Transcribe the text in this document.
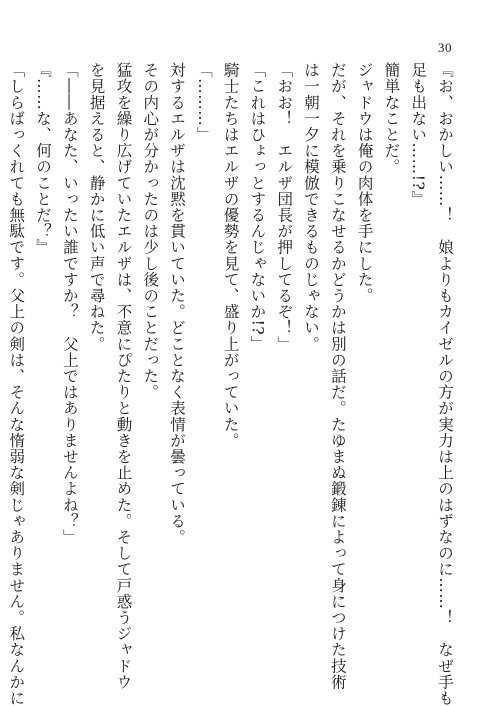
30
『お、おかしい……！　娘よりもカイゼルの方が実力は上のはずなのに……！　なぜ手も
足も出ない……!?』
簡単なことだ。
ジャドウは俺の肉体を手にした。
だが、それを乗りこなせるかどうかは別の話だ。たゆまぬ鍛錬によって身につけた技術
は一朝一夕に模倣できるものじゃない。
「おお！　エルザ団長が押してるぞ！」
「これはひょっとするんじゃないか!?」
騎士たちはエルザの優勢を見て、盛り上がっていた。
「………」
対するエルザは沈黙を貫いていた。どことなく表情が曇っている。
その内心が分かったのは少し後のことだった。
猛攻を繰り広げていたエルザは、不意にぴたりと動きを止めた。そして戸惑うジャドウ
を見据えると、静かに低い声で尋ねた。
「――あなた、いったい誰ですか？　父上ではありませんよね？」
『……な、何のことだ？』
「しらばっくれても無駄です。父上の剣は、そんな惰弱な剣じゃありません。私なんかに
